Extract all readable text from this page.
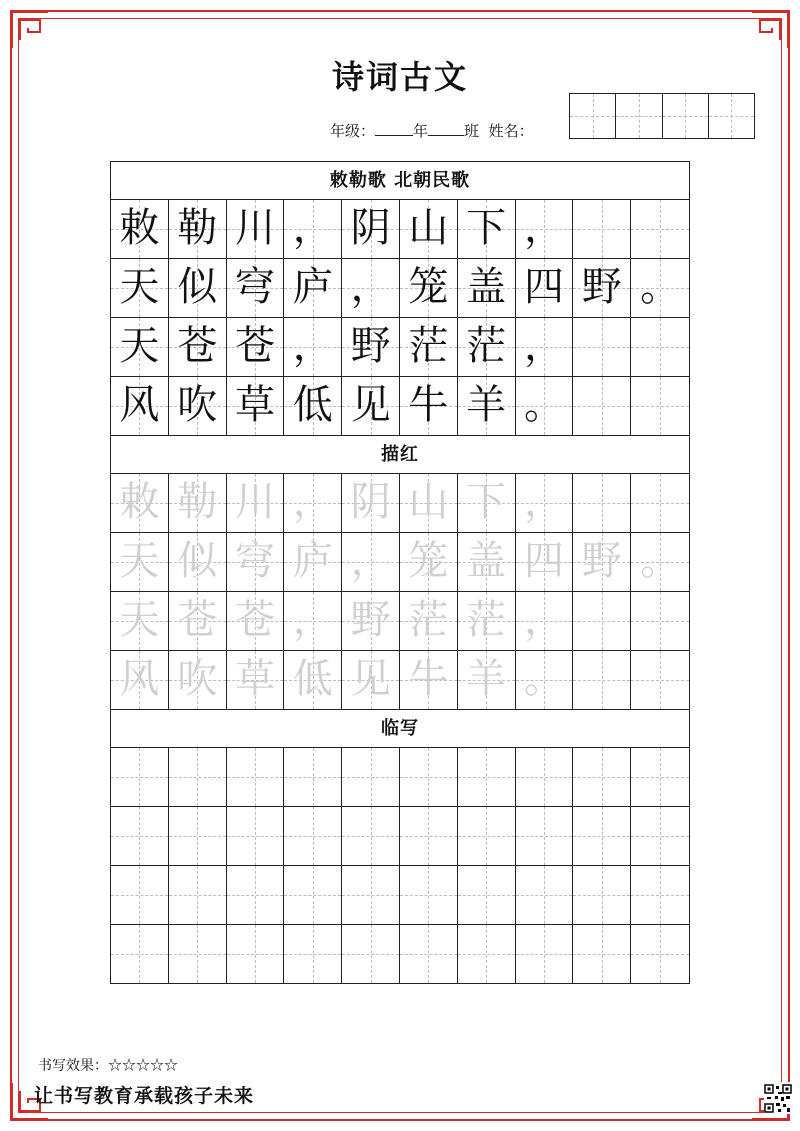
诗词古文
年级：	年 班 姓名：
敕勒歌 北朝民歌
敕 勒 川 ， 阴 山 下 ，
天 似 穹 庐 ， 笼 盖 四 野 。
天 苍 苍 ， 野 茫 茫 ，
风 吹 草 低 见 牛 羊 。
描红
敕 勒 川 ， 阴 山 下 ，
天 似 穹 庐 ， 笼 盖 四 野 。
天 苍 苍 ， 野 茫 茫 ，
风 吹 草 低 见 牛 羊 。
临写
书写效果：☆☆☆☆☆
让书写教育承载孩子未来
